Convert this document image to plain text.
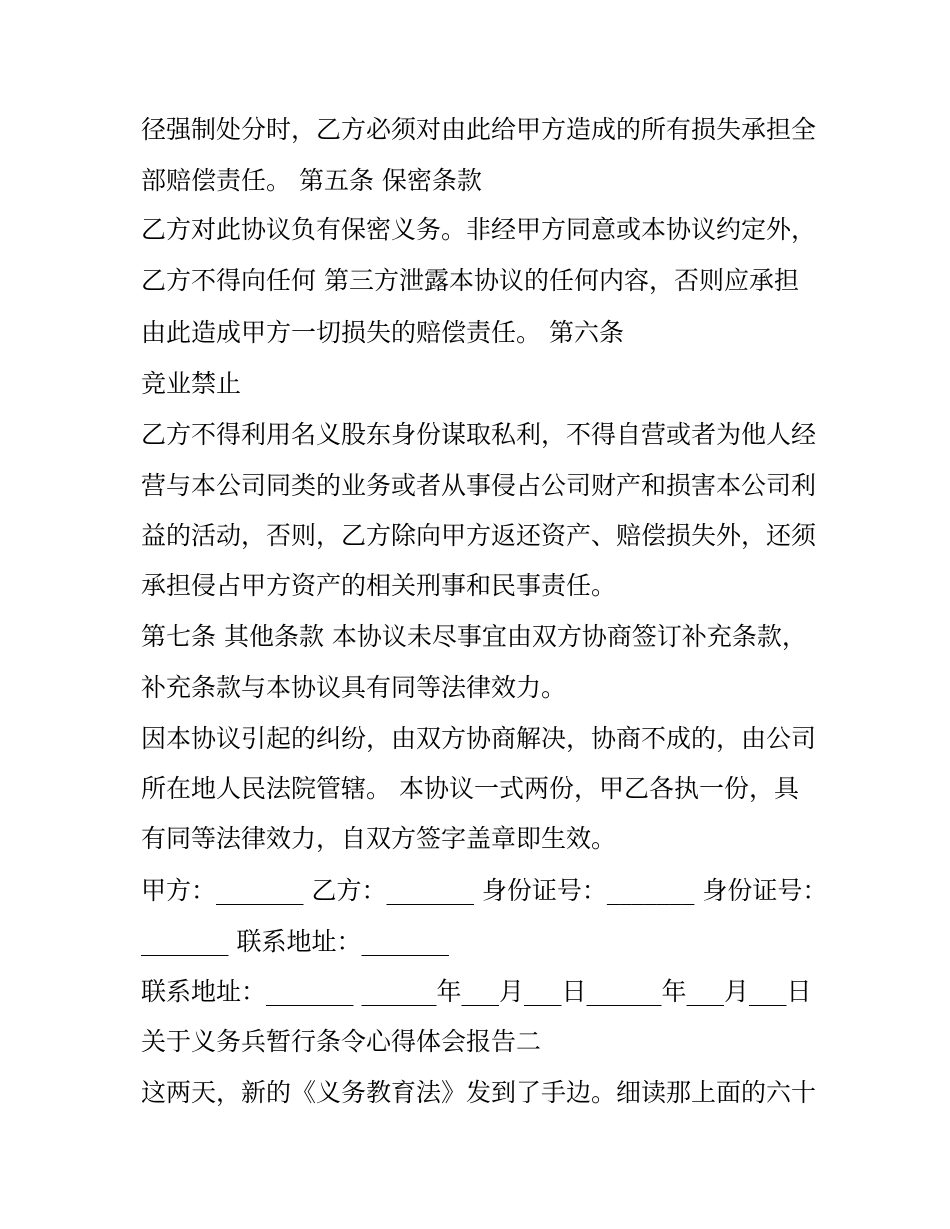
径强制处分时，乙方必须对由此给甲方造成的所有损失承担全
部赔偿责任。 第五条 保密条款
乙方对此协议负有保密义务。非经甲方同意或本协议约定外，
乙方不得向任何 第三方泄露本协议的任何内容，否则应承担
由此造成甲方一切损失的赔偿责任。 第六条
竞业禁止
乙方不得利用名义股东身份谋取私利，不得自营或者为他人经
营与本公司同类的业务或者从事侵占公司财产和损害本公司利
益的活动，否则，乙方除向甲方返还资产、赔偿损失外，还须
承担侵占甲方资产的相关刑事和民事责任。
第七条 其他条款 本协议未尽事宜由双方协商签订补充条款，
补充条款与本协议具有同等法律效力。
因本协议引起的纠纷，由双方协商解决，协商不成的，由公司
所在地人民法院管辖。 本协议一式两份，甲乙各执一份，具
有同等法律效力，自双方签字盖章即生效。
甲方：_______ 乙方：_______ 身份证号：_______ 身份证号：
_______ 联系地址：_______
联系地址：_______ ______年___月___日______年___月___日
关于义务兵暂行条令心得体会报告二
这两天，新的《义务教育法》发到了手边。细读那上面的六十
